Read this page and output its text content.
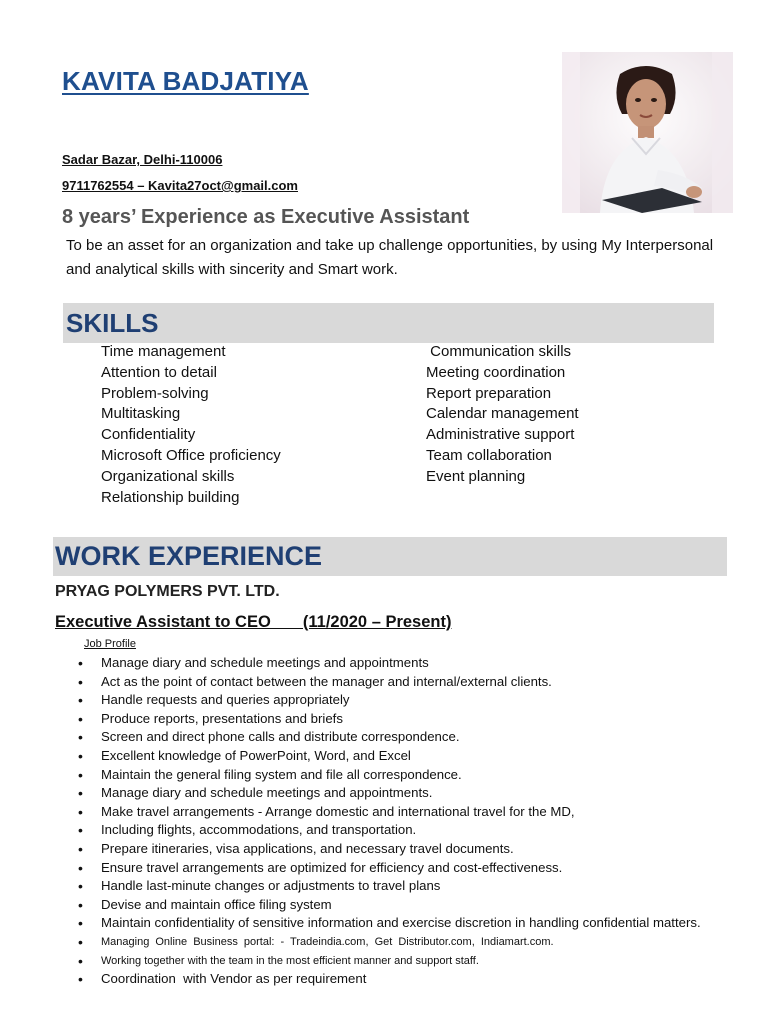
KAVITA BADJATIYA
Sadar Bazar, Delhi-110006
9711762554 – Kavita27oct@gmail.com
8 years’ Experience as Executive Assistant
To be an asset for an organization and take up challenge opportunities, by using My Interpersonal and analytical skills with sincerity and Smart work.
SKILLS
Time management
Attention to detail
Problem-solving
Multitasking
Confidentiality
Microsoft Office proficiency
Organizational skills
Relationship building
Communication skills
Meeting coordination
Report preparation
Calendar management
Administrative support
Team collaboration
Event planning
WORK EXPERIENCE
PRYAG POLYMERS PVT. LTD.
Executive Assistant to CEO       (11/2020 – Present)
Job Profile
• Manage diary and schedule meetings and appointments
• Act as the point of contact between the manager and internal/external clients.
• Handle requests and queries appropriately
• Produce reports, presentations and briefs
• Screen and direct phone calls and distribute correspondence.
• Excellent knowledge of PowerPoint, Word, and Excel
• Maintain the general filing system and file all correspondence.
• Manage diary and schedule meetings and appointments.
• Make travel arrangements - Arrange domestic and international travel for the MD,
• Including flights, accommodations, and transportation.
• Prepare itineraries, visa applications, and necessary travel documents.
• Ensure travel arrangements are optimized for efficiency and cost-effectiveness.
• Handle last-minute changes or adjustments to travel plans
• Devise and maintain office filing system
• Maintain confidentiality of sensitive information and exercise discretion in handling confidential matters.
• Managing Online Business portal: - Tradeindia.com, Get Distributor.com, Indiamart.com.
• Working together with the team in the most efficient manner and support staff.
• Coordination  with Vendor as per requirement
